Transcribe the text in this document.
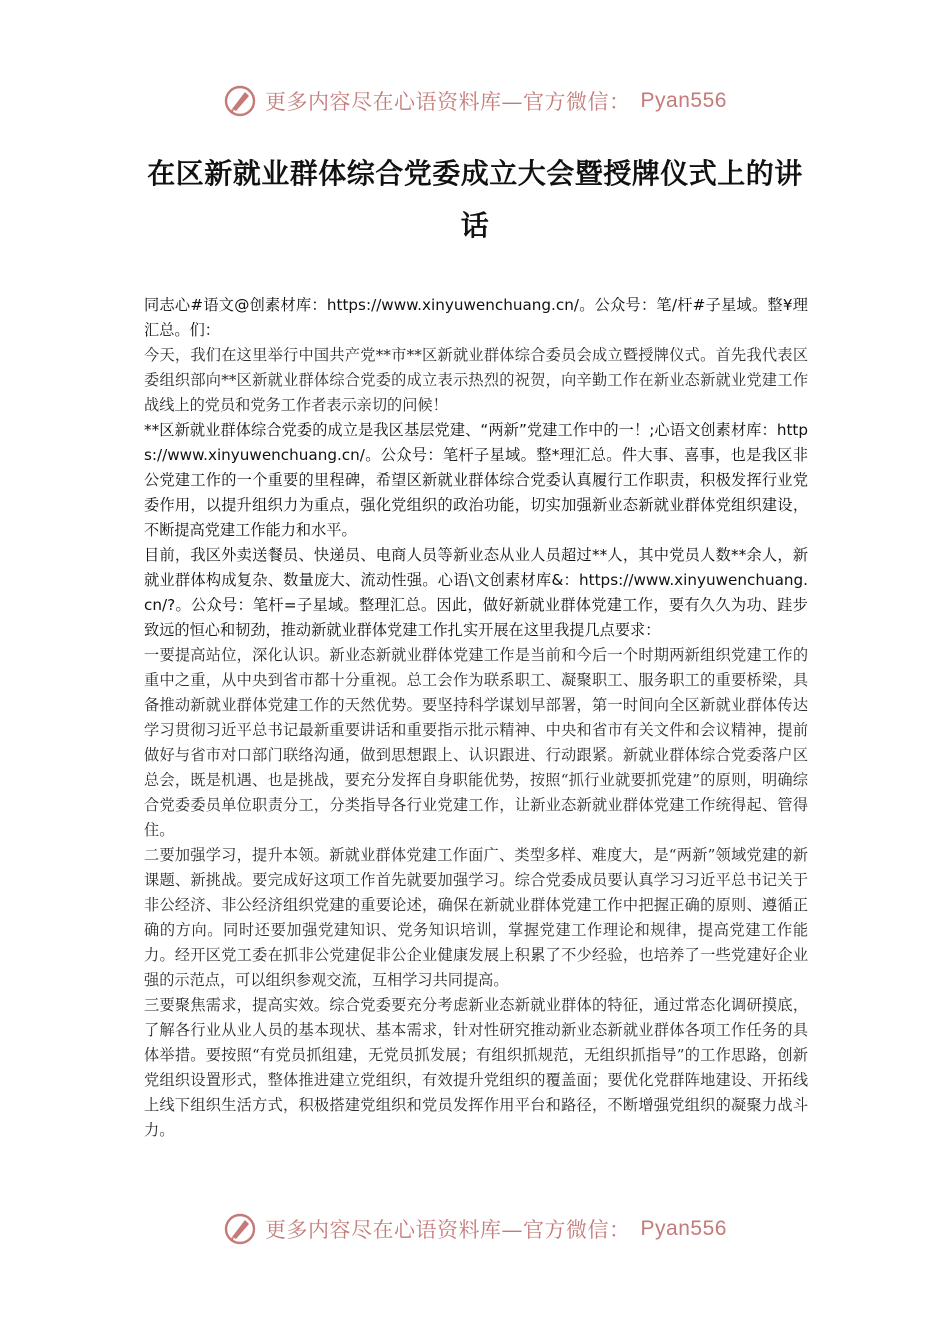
更多内容尽在心语资料库—官方微信： Pyan556
在区新就业群体综合党委成立大会暨授牌仪式上的讲话

同志心#语文@创素材库：https://www.xinyuwenchuang.cn/。公众号：笔/杆#子星域。整¥理汇总。们：

今天，我们在这里举行中国共产党**市**区新就业群体综合委员会成立暨授牌仪式。首先我代表区委组织部向**区新就业群体综合党委的成立表示热烈的祝贺，向辛勤工作在新业态新就业党建工作战线上的党员和党务工作者表示亲切的问候！

**区新就业群体综合党委的成立是我区基层党建、“两新”党建工作中的一！;心语文创素材库：https://www.xinyuwenchuang.cn/。公众号：笔杆子星域。整*理汇总。件大事、喜事，也是我区非公党建工作的一个重要的里程碑，希望区新就业群体综合党委认真履行工作职责，积极发挥行业党委作用，以提升组织力为重点，强化党组织的政治功能，切实加强新业态新就业群体党组织建设，不断提高党建工作能力和水平。

目前，我区外卖送餐员、快递员、电商人员等新业态从业人员超过**人，其中党员人数**余人，新就业群体构成复杂、数量庞大、流动性强。心语\文创素材库&：https://www.xinyuwenchuang.cn/?。公众号：笔杆=子星域。整理汇总。因此，做好新就业群体党建工作，要有久久为功、跬步致远的恒心和韧劲，推动新就业群体党建工作扎实开展在这里我提几点要求：

一要提高站位，深化认识。新业态新就业群体党建工作是当前和今后一个时期两新组织党建工作的重中之重，从中央到省市都十分重视。总工会作为联系职工、凝聚职工、服务职工的重要桥梁，具备推动新就业群体党建工作的天然优势。要坚持科学谋划早部署，第一时间向全区新就业群体传达学习贯彻习近平总书记最新重要讲话和重要指示批示精神、中央和省市有关文件和会议精神，提前做好与省市对口部门联络沟通，做到思想跟上、认识跟进、行动跟紧。新就业群体综合党委落户区总会，既是机遇、也是挑战，要充分发挥自身职能优势，按照“抓行业就要抓党建”的原则，明确综合党委委员单位职责分工，分类指导各行业党建工作，让新业态新就业群体党建工作统得起、管得住。

二要加强学习，提升本领。新就业群体党建工作面广、类型多样、难度大，是“两新”领域党建的新课题、新挑战。要完成好这项工作首先就要加强学习。综合党委成员要认真学习习近平总书记关于非公经济、非公经济组织党建的重要论述，确保在新就业群体党建工作中把握正确的原则、遵循正确的方向。同时还要加强党建知识、党务知识培训，掌握党建工作理论和规律，提高党建工作能力。经开区党工委在抓非公党建促非公企业健康发展上积累了不少经验，也培养了一些党建好企业强的示范点，可以组织参观交流，互相学习共同提高。

三要聚焦需求，提高实效。综合党委要充分考虑新业态新就业群体的特征，通过常态化调研摸底，了解各行业从业人员的基本现状、基本需求，针对性研究推动新业态新就业群体各项工作任务的具体举措。要按照“有党员抓组建，无党员抓发展；有组织抓规范，无组织抓指导”的工作思路，创新党组织设置形式，整体推进建立党组织，有效提升党组织的覆盖面；要优化党群阵地建设、开拓线上线下组织生活方式，积极搭建党组织和党员发挥作用平台和路径，不断增强党组织的凝聚力战斗力。

更多内容尽在心语资料库—官方微信： Pyan556
